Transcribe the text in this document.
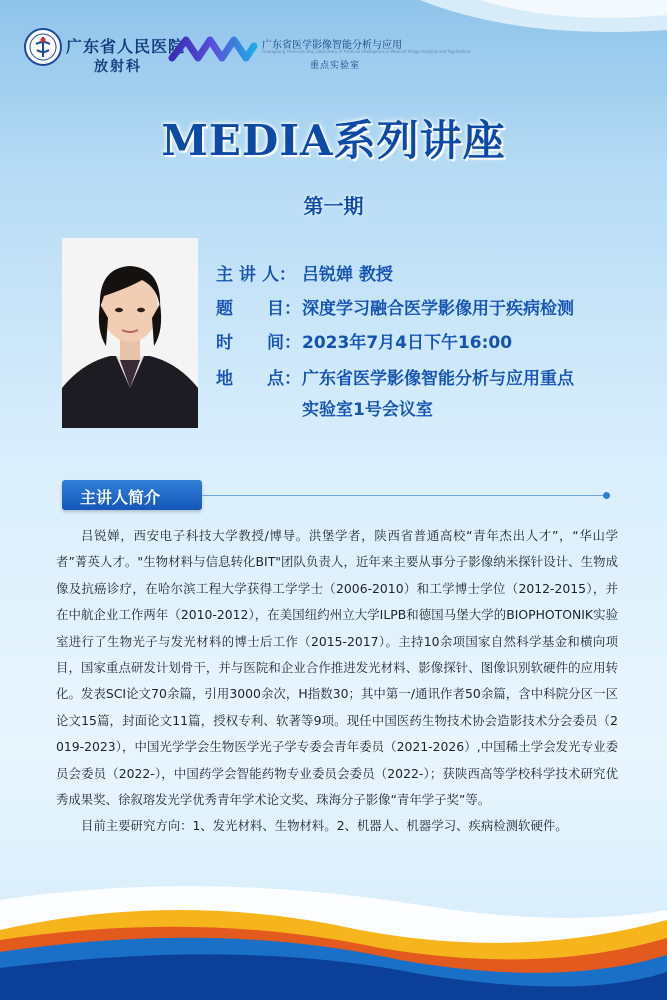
广东省人民医院
放射科
广东省医学影像智能分析与应用
Guangdong Provincial Key Laboratory of Artificial Intelligence in Medical Image Analysis and Application
重点实验室
MEDIA系列讲座
第一期
主 讲 人： 吕锐婵 教授
题　　目：深度学习融合医学影像用于疾病检测
时　　间：2023年7月4日下午16:00
地　　点：广东省医学影像智能分析与应用重点
实验室1号会议室
主讲人简介

吕锐婵，西安电子科技大学教授/博导。洪堡学者，陕西省普通高校“青年杰出人才”，“华山学者”菁英人才。"生物材料与信息转化BIT"团队负责人，近年来主要从事分子影像纳米探针设计、生物成像及抗癌诊疗，在哈尔滨工程大学获得工学学士（2006-2010）和工学博士学位（2012-2015），并在中航企业工作两年（2010-2012），在美国纽约州立大学ILPB和德国马堡大学的BIOPHOTONIK实验室进行了生物光子与发光材料的博士后工作（2015-2017）。主持10余项国家自然科学基金和横向项目，国家重点研发计划骨干，并与医院和企业合作推进发光材料、影像探针、图像识别软硬件的应用转化。发表SCI论文70余篇，引用3000余次，H指数30；其中第一/通讯作者50余篇，含中科院分区一区论文15篇，封面论文11篇，授权专利、软著等9项。现任中国医药生物技术协会造影技术分会委员（2019-2023），中国光学学会生物医学光子学专委会青年委员（2021-2026）,中国稀土学会发光专业委员会委员（2022-），中国药学会智能药物专业委员会委员（2022-）；获陕西高等学校科学技术研究优秀成果奖、徐叙瑢发光学优秀青年学术论文奖、珠海分子影像“青年学子奖”等。

目前主要研究方向：1、发光材料、生物材料。2、机器人、机器学习、疾病检测软硬件。
